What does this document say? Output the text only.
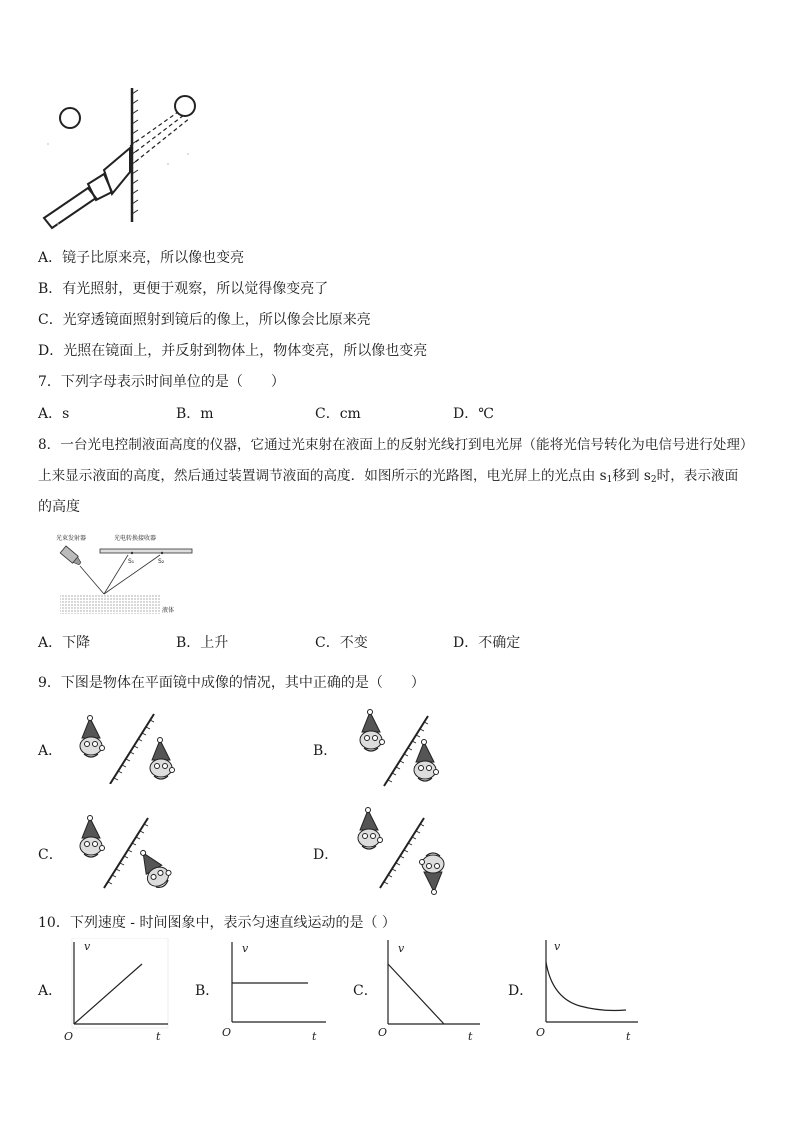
A．镜子比原来亮，所以像也变亮
B．有光照射，更便于观察，所以觉得像变亮了
C．光穿透镜面照射到镜后的像上，所以像会比原来亮
D．光照在镜面上，并反射到物体上，物体变亮，所以像也变亮
7．下列字母表示时间单位的是（　　）
A．s	B．m	C．cm	D．℃
8．一台光电控制液面高度的仪器，它通过光束射在液面上的反射光线打到电光屏（能将光信号转化为电信号进行处理）
上来显示液面的高度，然后通过装置调节液面的高度．如图所示的光路图，电光屏上的光点由 $s_1$移到 $s_2$时，表示液面
的高度
光束发射器	光电转换接收器
S₁	S₂
液体
A．下降	B．上升	C．不变	D．不确定
9．下图是物体在平面镜中成像的情况，其中正确的是（　　）
A．	B．
C．	D．
10．下列速度 - 时间图象中，表示匀速直线运动的是（ ）
A．
v
t
O
B．
v
t
O
C．
v
t
O
D．
v
t
O
